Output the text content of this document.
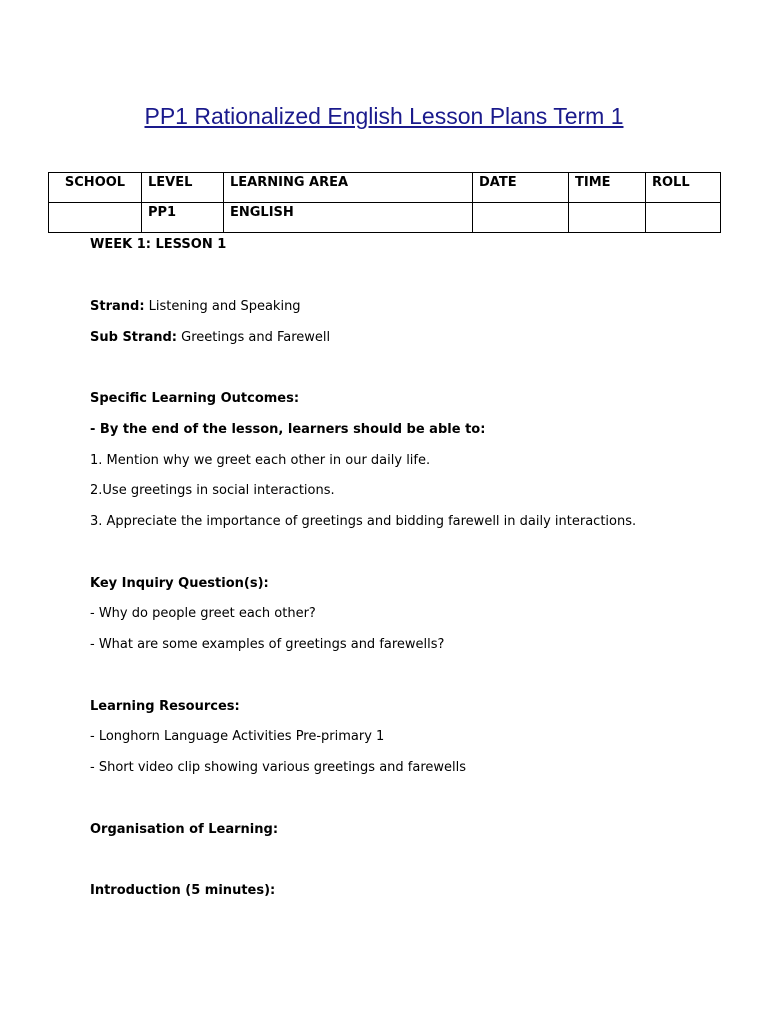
PP1 Rationalized English Lesson Plans Term 1
SCHOOL	LEVEL	LEARNING AREA	DATE	TIME	ROLL
	PP1	ENGLISH			
WEEK 1: LESSON 1
Strand: Listening and Speaking
Sub Strand: Greetings and Farewell
Specific Learning Outcomes:
- By the end of the lesson, learners should be able to:
1. Mention why we greet each other in our daily life.
2.Use greetings in social interactions.
3. Appreciate the importance of greetings and bidding farewell in daily interactions.
Key Inquiry Question(s):
- Why do people greet each other?
- What are some examples of greetings and farewells?
Learning Resources:
- Longhorn Language Activities Pre-primary 1
- Short video clip showing various greetings and farewells
Organisation of Learning:
Introduction (5 minutes):
